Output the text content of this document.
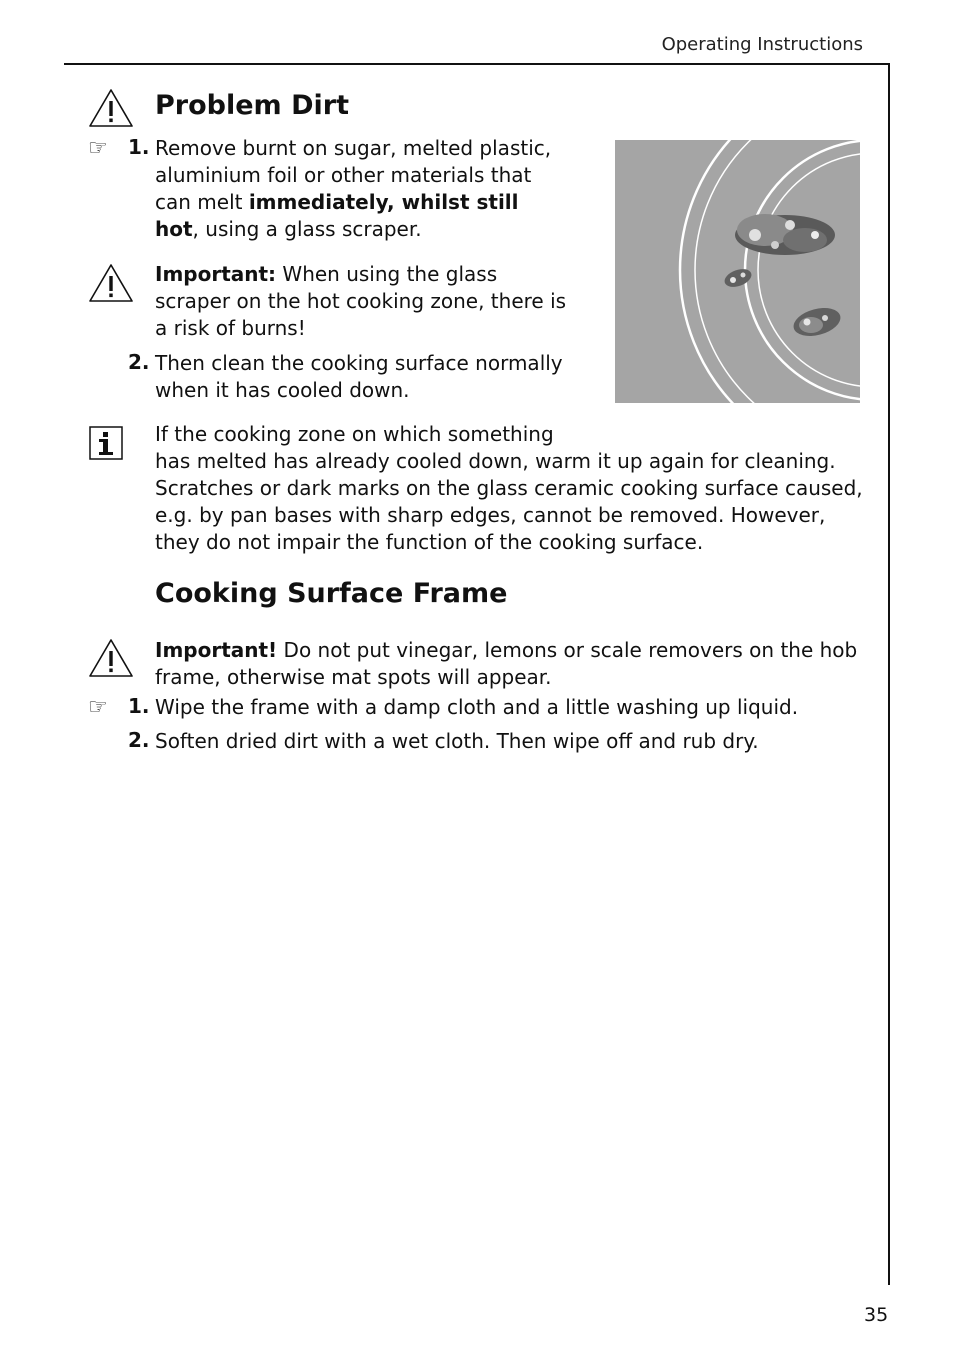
Operating Instructions
Problem Dirt
☞ 1. Remove burnt on sugar, melted plastic, aluminium foil or other materials that can melt immediately, whilst still hot, using a glass scraper.
Important: When using the glass scraper on the hot cooking zone, there is a risk of burns!
2. Then clean the cooking surface normally when it has cooled down.
If the cooking zone on which something
has melted has already cooled down, warm it up again for cleaning. Scratches or dark marks on the glass ceramic cooking surface caused, e.g. by pan bases with sharp edges, cannot be removed. However, they do not impair the function of the cooking surface.
Cooking Surface Frame
Important! Do not put vinegar, lemons or scale removers on the hob frame, otherwise mat spots will appear.
☞ 1. Wipe the frame with a damp cloth and a little washing up liquid.
2. Soften dried dirt with a wet cloth. Then wipe off and rub dry.
35
